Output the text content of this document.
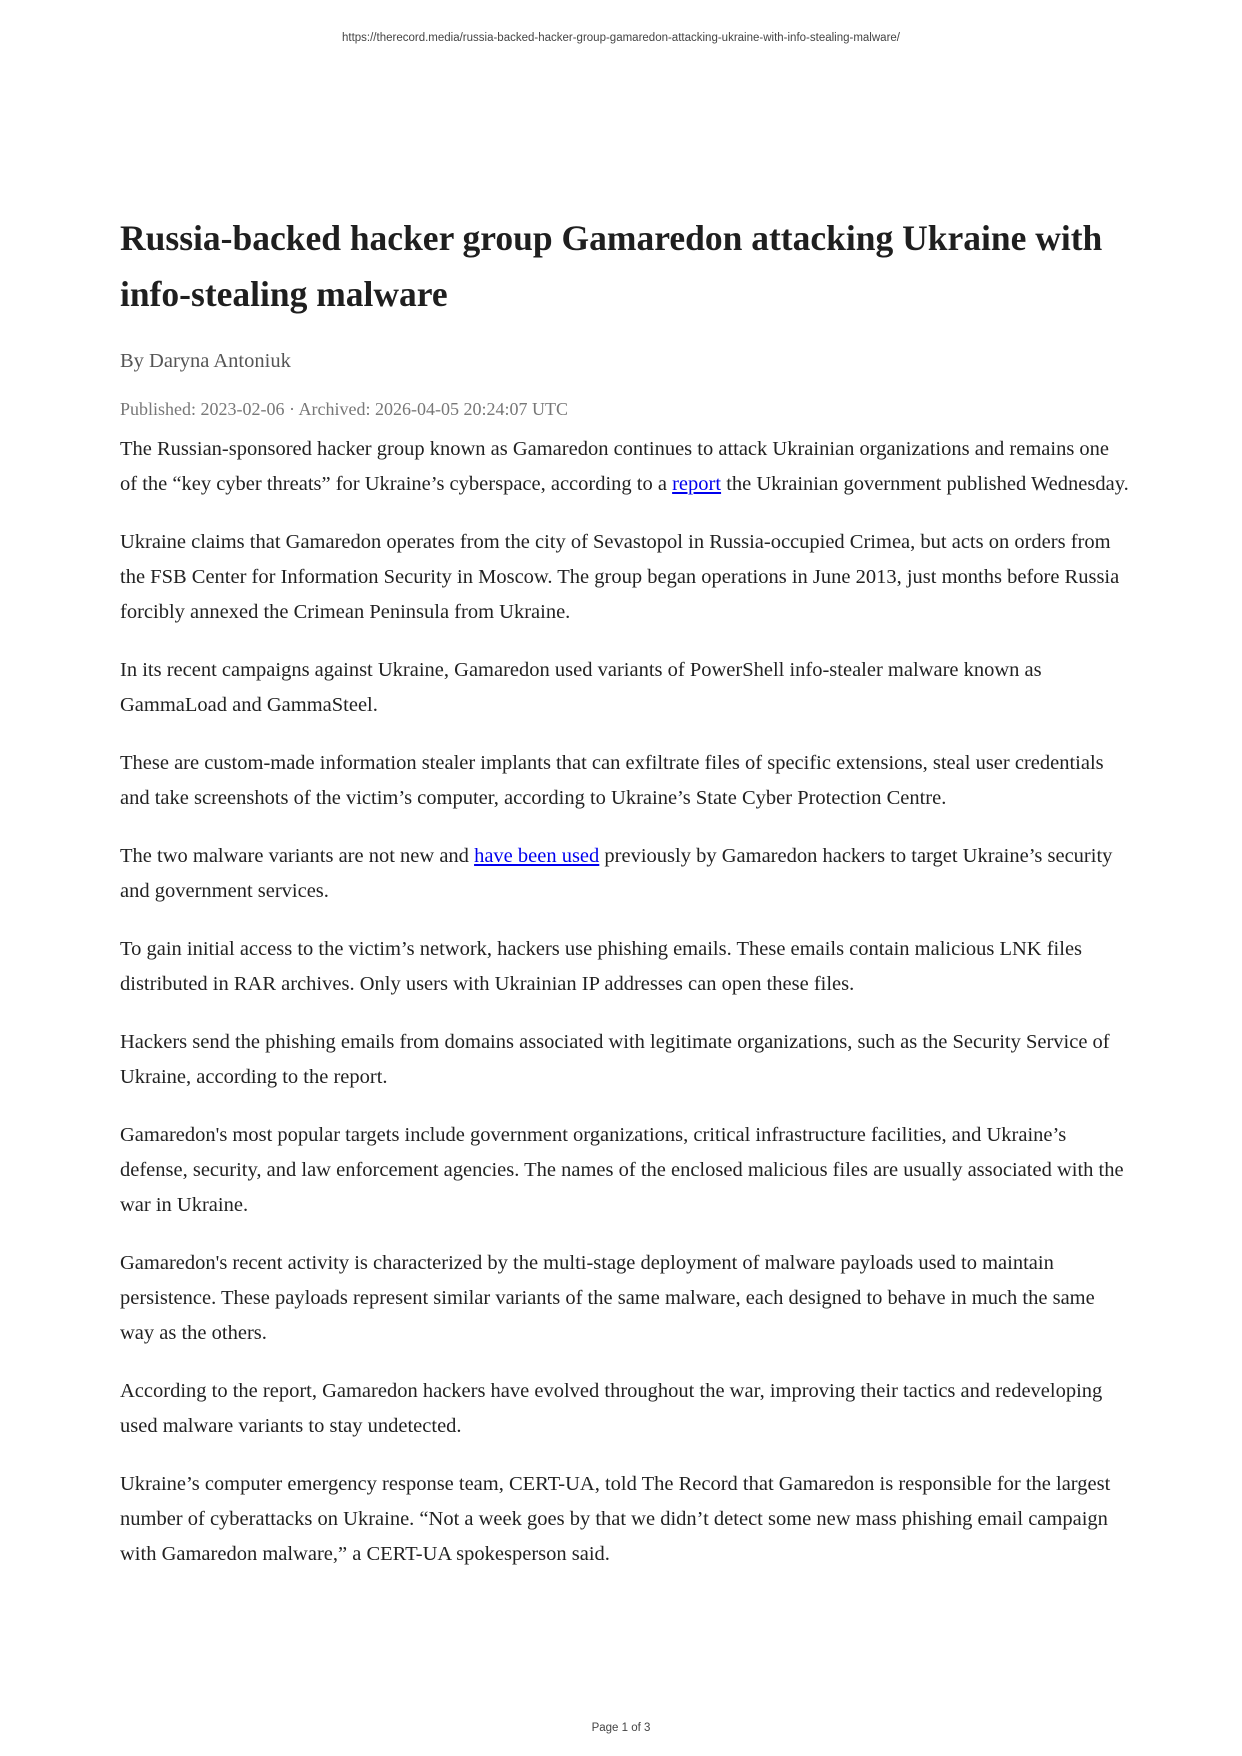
https://therecord.media/russia-backed-hacker-group-gamaredon-attacking-ukraine-with-info-stealing-malware/
Russia-backed hacker group Gamaredon attacking Ukraine with info-stealing malware
By Daryna Antoniuk
Published: 2023-02-06 · Archived: 2026-04-05 20:24:07 UTC

The Russian-sponsored hacker group known as Gamaredon continues to attack Ukrainian organizations and remains one of the “key cyber threats” for Ukraine’s cyberspace, according to a report the Ukrainian government published Wednesday.

Ukraine claims that Gamaredon operates from the city of Sevastopol in Russia-occupied Crimea, but acts on orders from the FSB Center for Information Security in Moscow. The group began operations in June 2013, just months before Russia forcibly annexed the Crimean Peninsula from Ukraine.

In its recent campaigns against Ukraine, Gamaredon used variants of PowerShell info-stealer malware known as GammaLoad and GammaSteel.

These are custom-made information stealer implants that can exfiltrate files of specific extensions, steal user credentials and take screenshots of the victim’s computer, according to Ukraine’s State Cyber Protection Centre.

The two malware variants are not new and have been used previously by Gamaredon hackers to target Ukraine’s security and government services.

To gain initial access to the victim’s network, hackers use phishing emails. These emails contain malicious LNK files distributed in RAR archives. Only users with Ukrainian IP addresses can open these files.

Hackers send the phishing emails from domains associated with legitimate organizations, such as the Security Service of Ukraine, according to the report.

Gamaredon's most popular targets include government organizations, critical infrastructure facilities, and Ukraine’s defense, security, and law enforcement agencies. The names of the enclosed malicious files are usually associated with the war in Ukraine.

Gamaredon's recent activity is characterized by the multi-stage deployment of malware payloads used to maintain persistence. These payloads represent similar variants of the same malware, each designed to behave in much the same way as the others.

According to the report, Gamaredon hackers have evolved throughout the war, improving their tactics and redeveloping used malware variants to stay undetected.

Ukraine’s computer emergency response team, CERT-UA, told The Record that Gamaredon is responsible for the largest number of cyberattacks on Ukraine. “Not a week goes by that we didn’t detect some new mass phishing email campaign with Gamaredon malware,” a CERT-UA spokesperson said.

Page 1 of 3
